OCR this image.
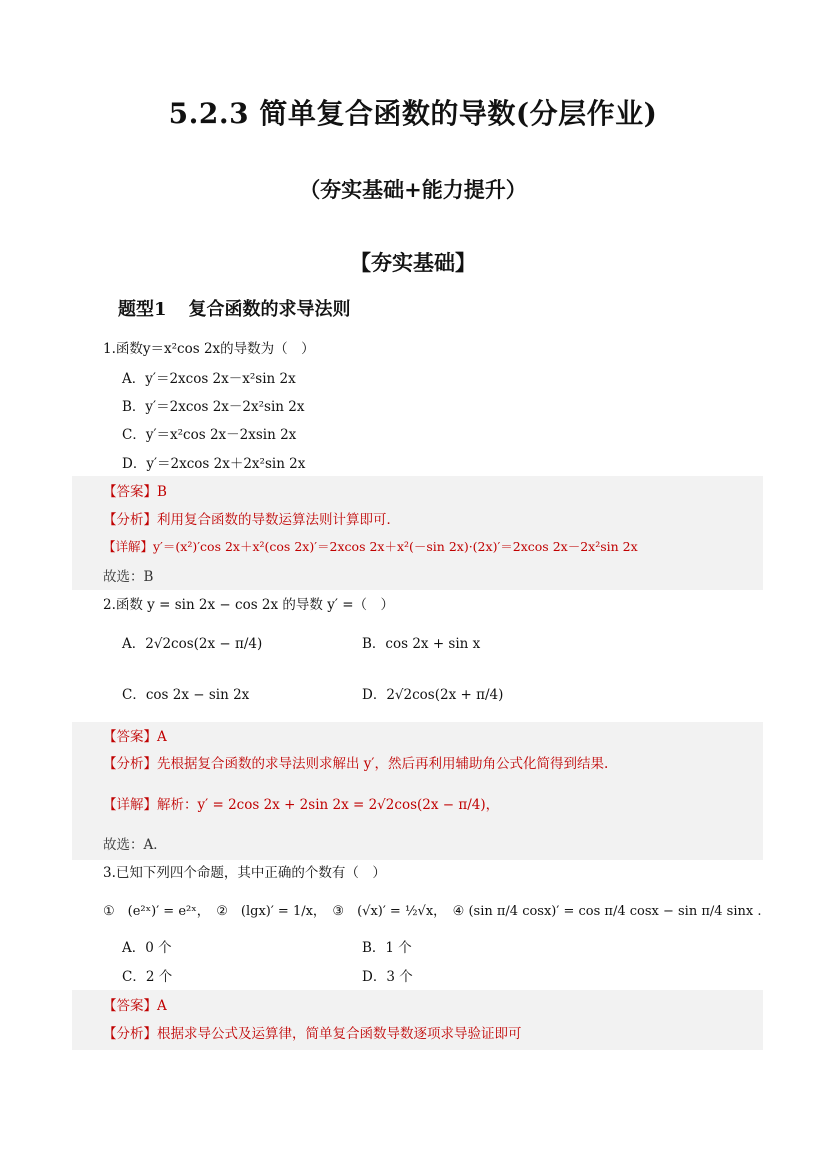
5.2.3 简单复合函数的导数(分层作业)
（夯实基础+能力提升）
【夯实基础】
题型1 复合函数的求导法则
1.函数y＝x²cos 2x的导数为（　）
A．y′＝2xcos 2x－x²sin 2x
B．y′＝2xcos 2x－2x²sin 2x
C．y′＝x²cos 2x－2xsin 2x
D．y′＝2xcos 2x＋2x²sin 2x
【答案】B
【分析】利用复合函数的导数运算法则计算即可．
【详解】y′＝(x²)′cos 2x＋x²(cos 2x)′＝2xcos 2x＋x²(－sin 2x)·(2x)′＝2xcos 2x－2x²sin 2x
故选：B
2.函数 y = sin 2x − cos 2x 的导数 y′ =（　）
A．2√2cos(2x − π/4)	B．cos 2x + sin x
C．cos 2x − sin 2x	D．2√2cos(2x + π/4)
【答案】A
【分析】先根据复合函数的求导法则求解出 y′，然后再利用辅助角公式化简得到结果.
【详解】解析：y′ = 2cos 2x + 2sin 2x = 2√2cos(2x − π/4)，
故选：A．
3.已知下列四个命题，其中正确的个数有（　）
①　(e²ˣ)′ = e²ˣ，　②　(lgx)′ = 1/x，　③　(√x)′ = ½√x，　④ (sin π/4 cosx)′ = cos π/4 cosx − sin π/4 sinx .
A．0 个	B．1 个
C．2 个	D．3 个
【答案】A
【分析】根据求导公式及运算律，简单复合函数导数逐项求导验证即可
